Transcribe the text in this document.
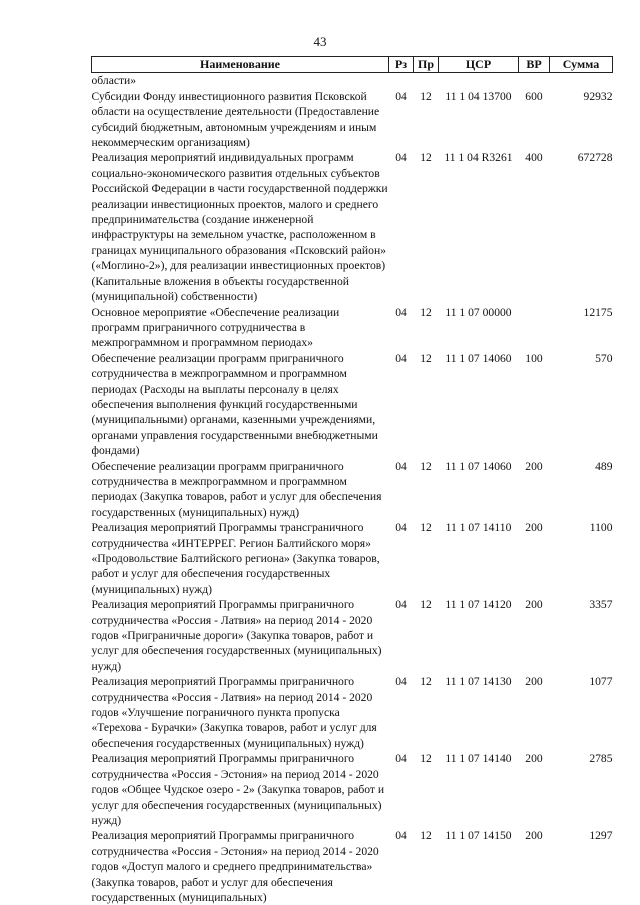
43
Наименование	Рз	Пр	ЦСР	ВР	Сумма
области»					
Субсидии Фонду инвестиционного развития Псковской области на осуществление деятельности (Предоставление субсидий бюджетным, автономным учреждениям и иным некоммерческим организациям)	04	12	11 1 04 13700	600	92932
Реализация мероприятий индивидуальных программ социально-экономического развития отдельных субъектов Российской Федерации в части государственной поддержки реализации инвестиционных проектов, малого и среднего предпринимательства (создание инженерной инфраструктуры на земельном участке, расположенном в границах муниципального образования «Псковский район» («Моглино-2»), для реализации инвестиционных проектов) (Капитальные вложения в объекты государственной (муниципальной) собственности)	04	12	11 1 04 R3261	400	672728
Основное мероприятие «Обеспечение реализации программ приграничного сотрудничества в межпрограммном и программном периодах»	04	12	11 1 07 00000		12175
Обеспечение реализации программ приграничного сотрудничества в межпрограммном и программном периодах (Расходы на выплаты персоналу в целях обеспечения выполнения функций государственными (муниципальными) органами, казенными учреждениями, органами управления государственными внебюджетными фондами)	04	12	11 1 07 14060	100	570
Обеспечение реализации программ приграничного сотрудничества в межпрограммном и программном периодах (Закупка товаров, работ и услуг для обеспечения государственных (муниципальных) нужд)	04	12	11 1 07 14060	200	489
Реализация мероприятий Программы трансграничного сотрудничества «ИНТЕРРЕГ. Регион Балтийского моря» «Продовольствие Балтийского региона» (Закупка товаров, работ и услуг для обеспечения государственных (муниципальных) нужд)	04	12	11 1 07 14110	200	1100
Реализация мероприятий Программы приграничного сотрудничества «Россия - Латвия» на период 2014 - 2020 годов «Приграничные дороги» (Закупка товаров, работ и услуг для обеспечения государственных (муниципальных) нужд)	04	12	11 1 07 14120	200	3357
Реализация мероприятий Программы приграничного сотрудничества «Россия - Латвия» на период 2014 - 2020 годов «Улучшение пограничного пункта пропуска «Терехова - Бурачки» (Закупка товаров, работ и услуг для обеспечения государственных (муниципальных) нужд)	04	12	11 1 07 14130	200	1077
Реализация мероприятий Программы приграничного сотрудничества «Россия - Эстония» на период 2014 - 2020 годов «Общее Чудское озеро - 2» (Закупка товаров, работ и услуг для обеспечения государственных (муниципальных) нужд)	04	12	11 1 07 14140	200	2785
Реализация мероприятий Программы приграничного сотрудничества «Россия - Эстония» на период 2014 - 2020 годов «Доступ малого и среднего предпринимательства» (Закупка товаров, работ и услуг для обеспечения государственных (муниципальных)	04	12	11 1 07 14150	200	1297
